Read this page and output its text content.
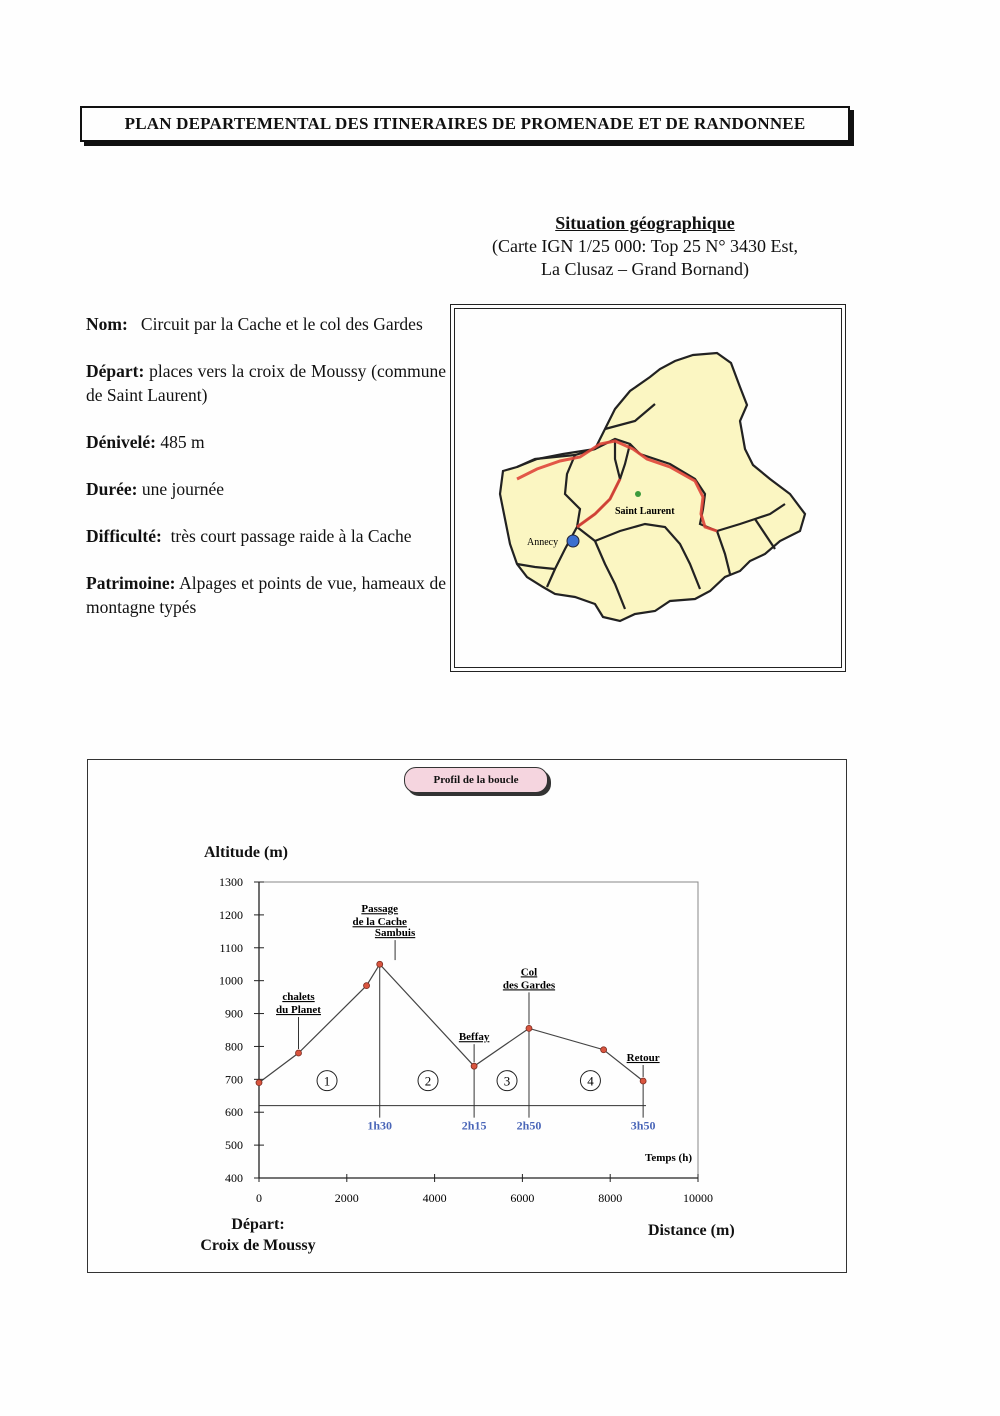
PLAN DEPARTEMENTAL DES ITINERAIRES DE PROMENADE ET DE RANDONNEE
Situation géographique
(Carte IGN 1/25 000: Top 25 N° 3430 Est,
La Clusaz – Grand Bornand)
Nom: Circuit par la Cache et le col des Gardes
Départ: places vers la croix de Moussy (commune de Saint Laurent)
Dénivelé: 485 m
Durée: une journée
Difficulté: très court passage raide à la Cache
Patrimoine: Alpages et points de vue, hameaux de montagne typés
Saint Laurent
Annecy
Profil de la boucle
400
500
600
700
800
900
1000
1100
1200
1300
0	2000	4000	6000	8000	10000
Temps (h)
1h30	2h15	2h50	3h50
1	2	3	4
chalets
du Planet
Passage
de la Cache
Sambuis
Beffay
Col
des Gardes
Retour
Altitude (m)
Départ:
Croix de Moussy
Distance (m)
